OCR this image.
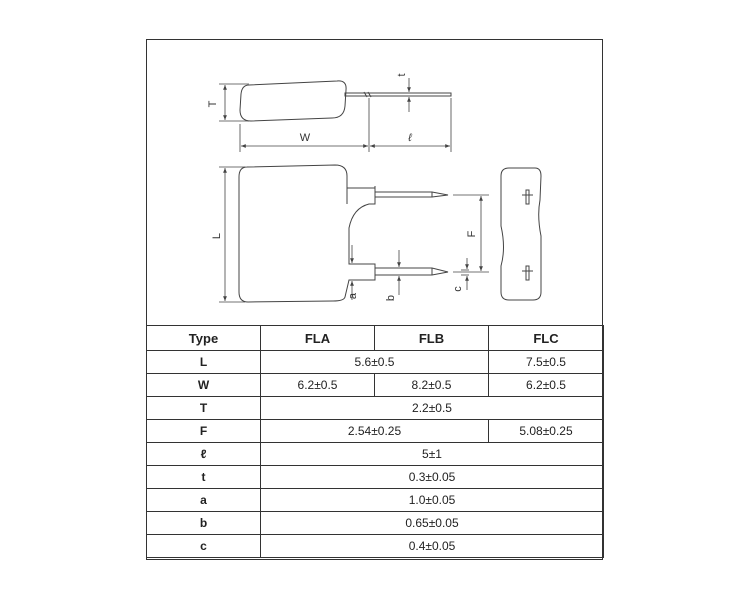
T
t
W	ℓ
L	F
a b
c
Type	FLA	FLB	FLC
L	5.6±0.5		7.5±0.5
W	6.2±0.5	8.2±0.5	6.2±0.5
T	2.2±0.5		
F	2.54±0.25		5.08±0.25
ℓ	5±1		
t	0.3±0.05		
a	1.0±0.05		
b	0.65±0.05		
c	0.4±0.05		
